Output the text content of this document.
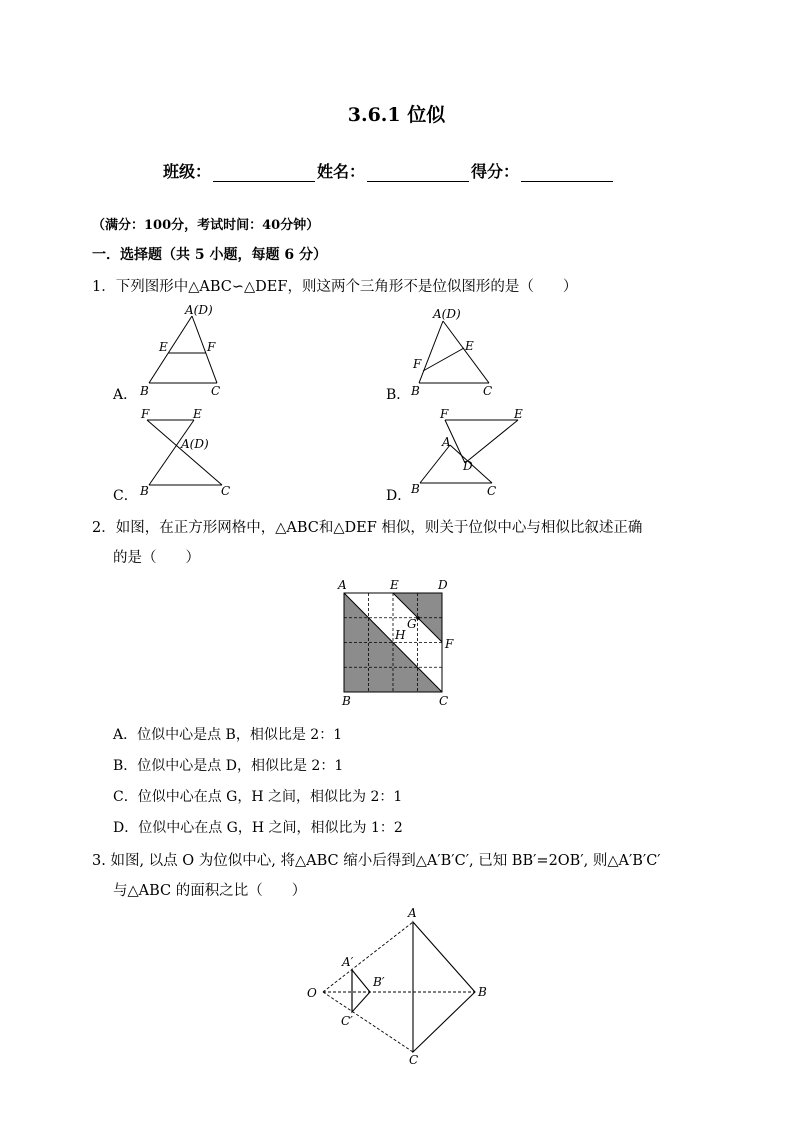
3.6.1 位似
班级：	姓名：	得分：
（满分：100分，考试时间：40分钟）
一．选择题（共 5 小题，每题 6 分）
1．下列图形中△ABC∽△DEF，则这两个三角形不是位似图形的是（　　）
A．	B．
C．	D．
A(D)
E	F
B	C
A(D)
E
F
B	C
F	E
A(D)
B	C
F	E
A
D
B	C
2．如图，在正方形网格中，△ABC和△DEF 相似，则关于位似中心与相似比叙述正确
的是（　　）
A	E	D
G
H
F
B	C
A．位似中心是点 B，相似比是 2：1
B．位似中心是点 D，相似比是 2：1
C．位似中心在点 G，H 之间，相似比为 2：1
D．位似中心在点 G，H 之间，相似比为 1：2
3. 如图, 以点 O 为位似中心, 将△ABC 缩小后得到△A′B′C′, 已知 BB′=2OB′, 则△A′B′C′
与△ABC 的面积之比（　　）
A
B
C
O
A′
B′
C′
